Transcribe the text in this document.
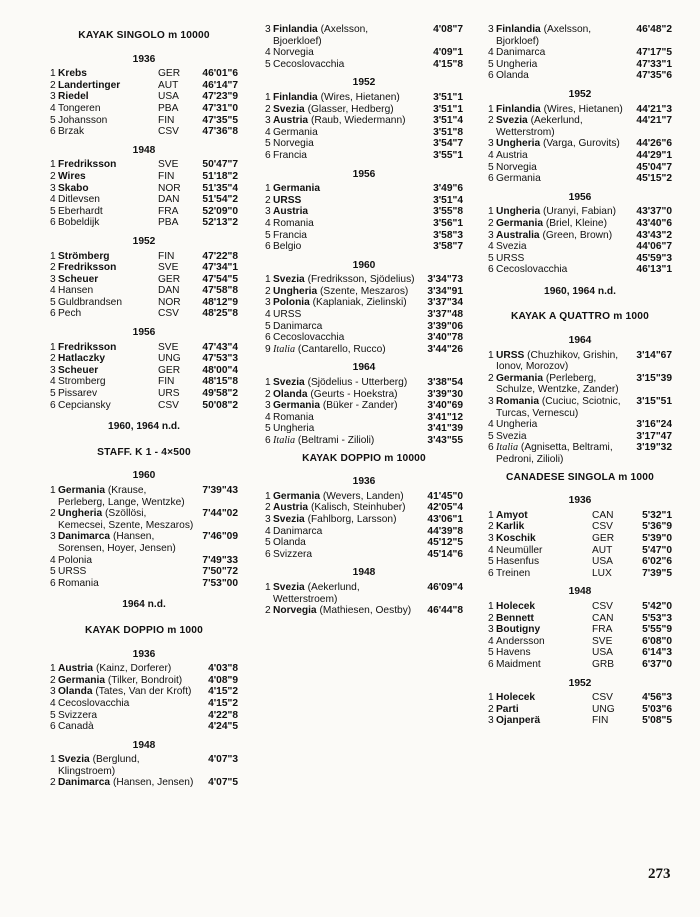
KAYAK SINGOLO m 10000
1936
1 Krebs	GER	46'01"6
2 Landertinger	AUT	46'14"7
3 Riedel	USA	47'23"9
4 Tongeren	PBA	47'31"0
5 Johansson	FIN	47'35"5
6 Brzak	CSV	47'36"8
1948
1 Fredriksson	SVE	50'47"7
2 Wires	FIN	51'18"2
3 Skabo	NOR	51'35"4
4 Ditlevsen	DAN	51'54"2
5 Eberhardt	FRA	52'09"0
6 Bobeldijk	PBA	52'13"2
1952
1 Strömberg	FIN	47'22"8
2 Fredriksson	SVE	47'34"1
3 Scheuer	GER	47'54"5
4 Hansen	DAN	47'58"8
5 Guldbrandsen	NOR	48'12"9
6 Pech	CSV	48'25"8
1956
1 Fredriksson	SVE	47'43"4
2 Hatlaczky	UNG	47'53"3
3 Scheuer	GER	48'00"4
4 Stromberg	FIN	48'15"8
5 Pissarev	URS	49'58"2
6 Cepcianskу	CSV	50'08"2
1960, 1964 n.d.
STAFF. K 1 - 4×500
1960
1 Germania (Krause, Perleberg, Lange, Wentzke)
7'39"43
2 Ungheria (Szöllösi, Kemecsei, Szente, Meszaros)
7'44"02
3 Danimarca (Hansen, Sorensen, Hoyer, Jensen)
7'46"09
4 Polonia	7'49"33
5 URSS	7'50"72
6 Romania	7'53"00
1964 n.d.
KAYAK DOPPIO m 1000
1936
1 Austria (Kainz, Dorferer)	4'03"8
2 Germania (Tilker, Bondroit)	4'08"9
3 Olanda (Tates, Van der Kroft)	4'15"2
4 Cecoslovacchia	4'15"2
5 Svizzera	4'22"8
6 Canadà	4'24"5
1948
1 Svezia (Berglund, Klingstroem)
4'07"3
2 Danimarca (Hansen, Jensen)	4'07"5
3 Finlandia (Axelsson, Bjoerkloef)
4'08"7
4 Norvegia	4'09"1
5 Cecoslovacchia	4'15"8
1952
1 Finlandia (Wires, Hietanen)	3'51"1
2 Svezia (Glasser, Hedberg)	3'51"1
3 Austria (Raub, Wiedermann)	3'51"4
4 Germania	3'51"8
5 Norvegia	3'54"7
6 Francia	3'55"1
1956
1 Germania	3'49"6
2 URSS	3'51"4
3 Austria	3'55"8
4 Romania	3'56"1
5 Francia	3'58"3
6 Belgio	3'58"7
1960
1 Svezia (Fredriksson, Sjödelius)	3'34"73
2 Ungheria (Szente, Meszaros)	3'34"91
3 Polonia (Kaplaniak, Zielinski)	3'37"34
4 URSS	3'37"48
5 Danimarca	3'39"06
6 Cecoslovacchia	3'40"78
9 Italia (Cantarello, Rucco)	3'44"26
1964
1 Svezia (Sjödelius - Utterberg)	3'38"54
2 Olanda (Geurts - Hoekstra)	3'39"30
3 Germania (Büker - Zander)	3'40"69
4 Romania	3'41"12
5 Ungheria	3'41"39
6 Italia (Beltrami - Zilioli)	3'43"55
KAYAK DOPPIO m 10000
1936
1 Germania (Wevers, Landen)	41'45"0
2 Austria (Kalisch, Steinhuber)	42'05"4
3 Svezia (Fahlborg, Larsson)	43'06"1
4 Danimarca	44'39"8
5 Olanda	45'12"5
6 Svizzera	45'14"6
1948
1 Svezia (Aekerlund, Wetterstroem)
46'09"4
2 Norvegia (Mathiesen, Oestby)	46'44"8
3 Finlandia (Axelsson, Bjorkloef)
46'48"2
4 Danimarca	47'17"5
5 Ungheria	47'33"1
6 Olanda	47'35"6
1952
1 Finlandia (Wires, Hietanen)	44'21"3
2 Svezia (Aekerlund, Wetterstrom)
44'21"7
3 Ungheria (Varga, Gurovits)	44'26"6
4 Austria	44'29"1
5 Norvegia	45'04"7
6 Germania	45'15"2
1956
1 Ungheria (Uranyi, Fabian)	43'37"0
2 Germania (Briel, Kleine)	43'40"6
3 Australia (Green, Brown)	43'43"2
4 Svezia	44'06"7
5 URSS	45'59"3
6 Cecoslovacchia	46'13"1
1960, 1964 n.d.
KAYAK A QUATTRO m 1000
1964
1 URSS (Chuzhikov, Grishin, Ionov, Morozov)
3'14"67
2 Germania (Perleberg, Schulze, Wentzke, Zander)
3'15"39
3 Romania (Cuciuc, Sciotnic, Turcas, Vernescu)
3'15"51
4 Ungheria	3'16"24
5 Svezia	3'17"47
6 Italia (Agnisetta, Beltrami, Pedroni, Zilioli)
3'19"32
CANADESE SINGOLA m 1000
1936
1 Amyot	CAN	5'32"1
2 Karlik	CSV	5'36"9
3 Koschik	GER	5'39"0
4 Neumüller	AUT	5'47"0
5 Hasenfus	USA	6'02"6
6 Treinen	LUX	7'39"5
1948
1 Holecek	CSV	5'42"0
2 Bennett	CAN	5'53"3
3 Boutigny	FRA	5'55"9
4 Andersson	SVE	6'08"0
5 Havens	USA	6'14"3
6 Maidment	GRB	6'37"0
1952
1 Holecek	CSV	4'56"3
2 Parti	UNG	5'03"6
3 Ojanperä	FIN	5'08"5
273
